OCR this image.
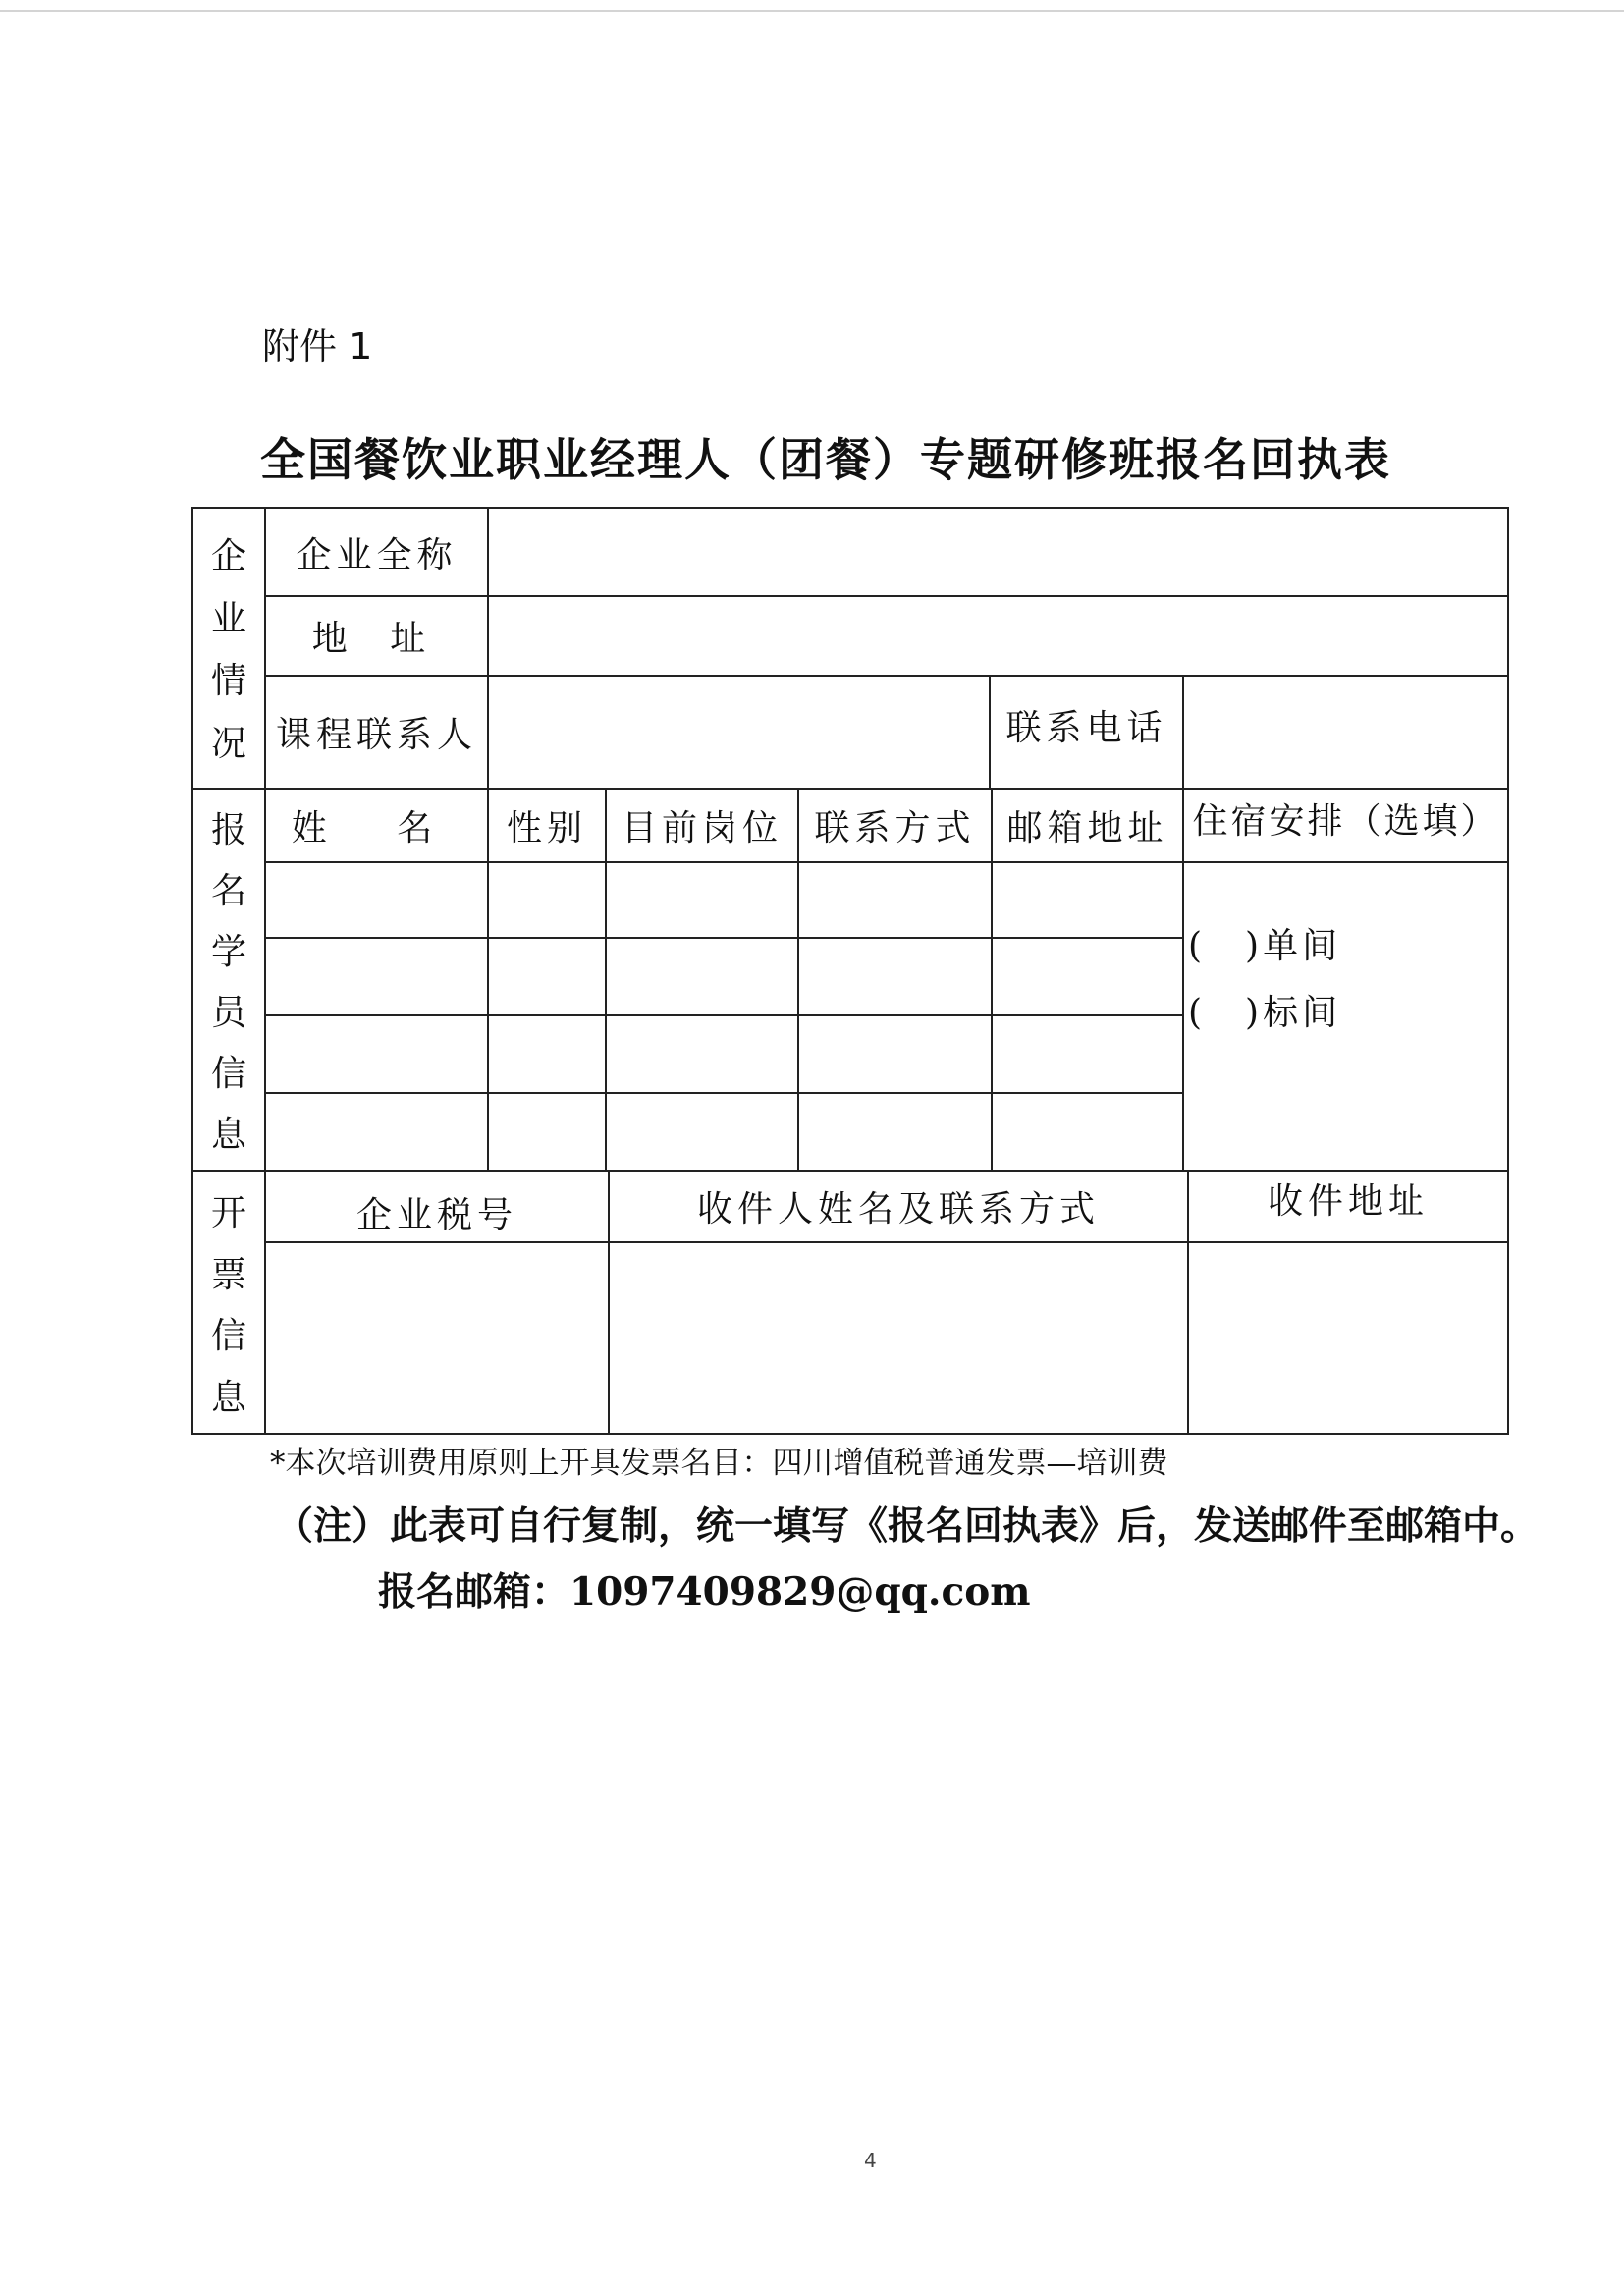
附件 1
全国餐饮业职业经理人（团餐）专题研修班报名回执表
企
业
情
况
企业全称
地 址
课程联系人	联系电话
报
名
学
员
信
息
姓 名	性别 目前岗位 联系方式 邮箱地址 住宿安排（选填）
(　)单间
(　)标间
开
票
信
息
企业税号	收件人姓名及联系方式	收件地址
*本次培训费用原则上开具发票名目：四川增值税普通发票—培训费
（注）此表可自行复制，统一填写《报名回执表》后，发送邮件至邮箱中。
报名邮箱：1097409829@qq.com
4
